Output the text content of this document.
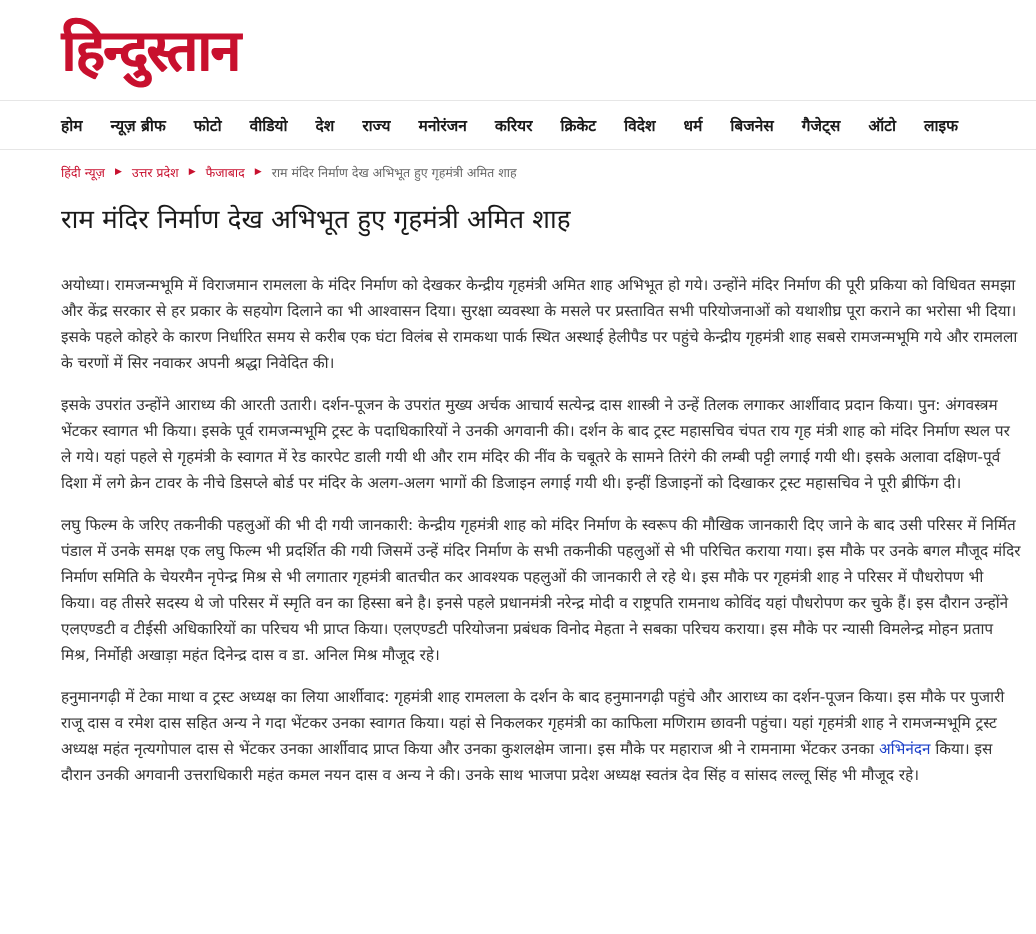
हिन्दुस्तान
होम न्यूज़ ब्रीफ फोटो वीडियो देश राज्य मनोरंजन करियर क्रिकेट विदेश धर्म बिजनेस गैजेट्स ऑटो लाइफ
हिंदी न्यूज़ ▶ उत्तर प्रदेश ▶ फैजाबाद ▶ राम मंदिर निर्माण देख अभिभूत हुए गृहमंत्री अमित शाह
राम मंदिर निर्माण देख अभिभूत हुए गृहमंत्री अमित शाह

अयोध्या। रामजन्मभूमि में विराजमान रामलला के मंदिर निर्माण को देखकर केन्द्रीय गृहमंत्री अमित शाह अभिभूत हो गये। उन्होंने मंदिर निर्माण की पूरी प्रकिया को विधिवत समझा और केंद्र सरकार से हर प्रकार के सहयोग दिलाने का भी आश्वासन दिया। सुरक्षा व्यवस्था के मसले पर प्रस्तावित सभी परियोजनाओं को यथाशीघ्र पूरा कराने का भरोसा भी दिया। इसके पहले कोहरे के कारण निर्धारित समय से करीब एक घंटा विलंब से रामकथा पार्क स्थित अस्थाई हेलीपैड पर पहुंचे केन्द्रीय गृहमंत्री शाह सबसे रामजन्मभूमि गये और रामलला के चरणों में सिर नवाकर अपनी श्रद्धा निवेदित की।

इसके उपरांत उन्होंने आराध्य की आरती उतारी। दर्शन-पूजन के उपरांत मुख्य अर्चक आचार्य सत्येन्द्र दास शास्त्री ने उन्हें तिलक लगाकर आर्शीवाद प्रदान किया। पुन: अंगवस्त्रम भेंटकर स्वागत भी किया। इसके पूर्व रामजन्मभूमि ट्रस्ट के पदाधिकारियों ने उनकी अगवानी की। दर्शन के बाद ट्रस्ट महासचिव चंपत राय गृह मंत्री शाह को मंदिर निर्माण स्थल पर ले गये। यहां पहले से गृहमंत्री के स्वागत में रेड कारपेट डाली गयी थी और राम मंदिर की नींव के चबूतरे के सामने तिरंगे की लम्बी पट्टी लगाई गयी थी। इसके अलावा दक्षिण-पूर्व दिशा में लगे क्रेन टावर के नीचे डिसप्ले बोर्ड पर मंदिर के अलग-अलग भागों की डिजाइन लगाई गयी थी। इन्हीं डिजाइनों को दिखाकर ट्रस्ट महासचिव ने पूरी ब्रीफिंग दी।

लघु फिल्म के जरिए तकनीकी पहलुओं की भी दी गयी जानकारी: केन्द्रीय गृहमंत्री शाह को मंदिर निर्माण के स्वरूप की मौखिक जानकारी दिए जाने के बाद उसी परिसर में निर्मित पंडाल में उनके समक्ष एक लघु फिल्म भी प्रदर्शित की गयी जिसमें उन्हें मंदिर निर्माण के सभी तकनीकी पहलुओं से भी परिचित कराया गया। इस मौके पर उनके बगल मौजूद मंदिर निर्माण समिति के चेयरमैन नृपेन्द्र मिश्र से भी लगातार गृहमंत्री बातचीत कर आवश्यक पहलुओं की जानकारी ले रहे थे। इस मौके पर गृहमंत्री शाह ने परिसर में पौधरोपण भी किया। वह तीसरे सदस्य थे जो परिसर में स्मृति वन का हिस्सा बने है। इनसे पहले प्रधानमंत्री नरेन्द्र मोदी व राष्ट्रपति रामनाथ कोविंद यहां पौधरोपण कर चुके हैं। इस दौरान उन्होंने एलएण्डटी व टीईसी अधिकारियों का परिचय भी प्राप्त किया। एलएण्डटी परियोजना प्रबंधक विनोद मेहता ने सबका परिचय कराया। इस मौके पर न्यासी विमलेन्द्र मोहन प्रताप मिश्र, निर्मोही अखाड़ा महंत दिनेन्द्र दास व डा. अनिल मिश्र मौजूद रहे।

हनुमानगढ़ी में टेका माथा व ट्रस्ट अध्यक्ष का लिया आर्शीवाद: गृहमंत्री शाह रामलला के दर्शन के बाद हनुमानगढ़ी पहुंचे और आराध्य का दर्शन-पूजन किया। इस मौके पर पुजारी राजू दास व रमेश दास सहित अन्य ने गदा भेंटकर उनका स्वागत किया। यहां से निकलकर गृहमंत्री का काफिला मणिराम छावनी पहुंचा। यहां गृहमंत्री शाह ने रामजन्मभूमि ट्रस्ट अध्यक्ष महंत नृत्यगोपाल दास से भेंटकर उनका आर्शीवाद प्राप्त किया और उनका कुशलक्षेम जाना। इस मौके पर महाराज श्री ने रामनामा भेंटकर उनका अभिनंदन किया। इस दौरान उनकी अगवानी उत्तराधिकारी महंत कमल नयन दास व अन्य ने की। उनके साथ भाजपा प्रदेश अध्यक्ष स्वतंत्र देव सिंह व सांसद लल्लू सिंह भी मौजूद रहे।
